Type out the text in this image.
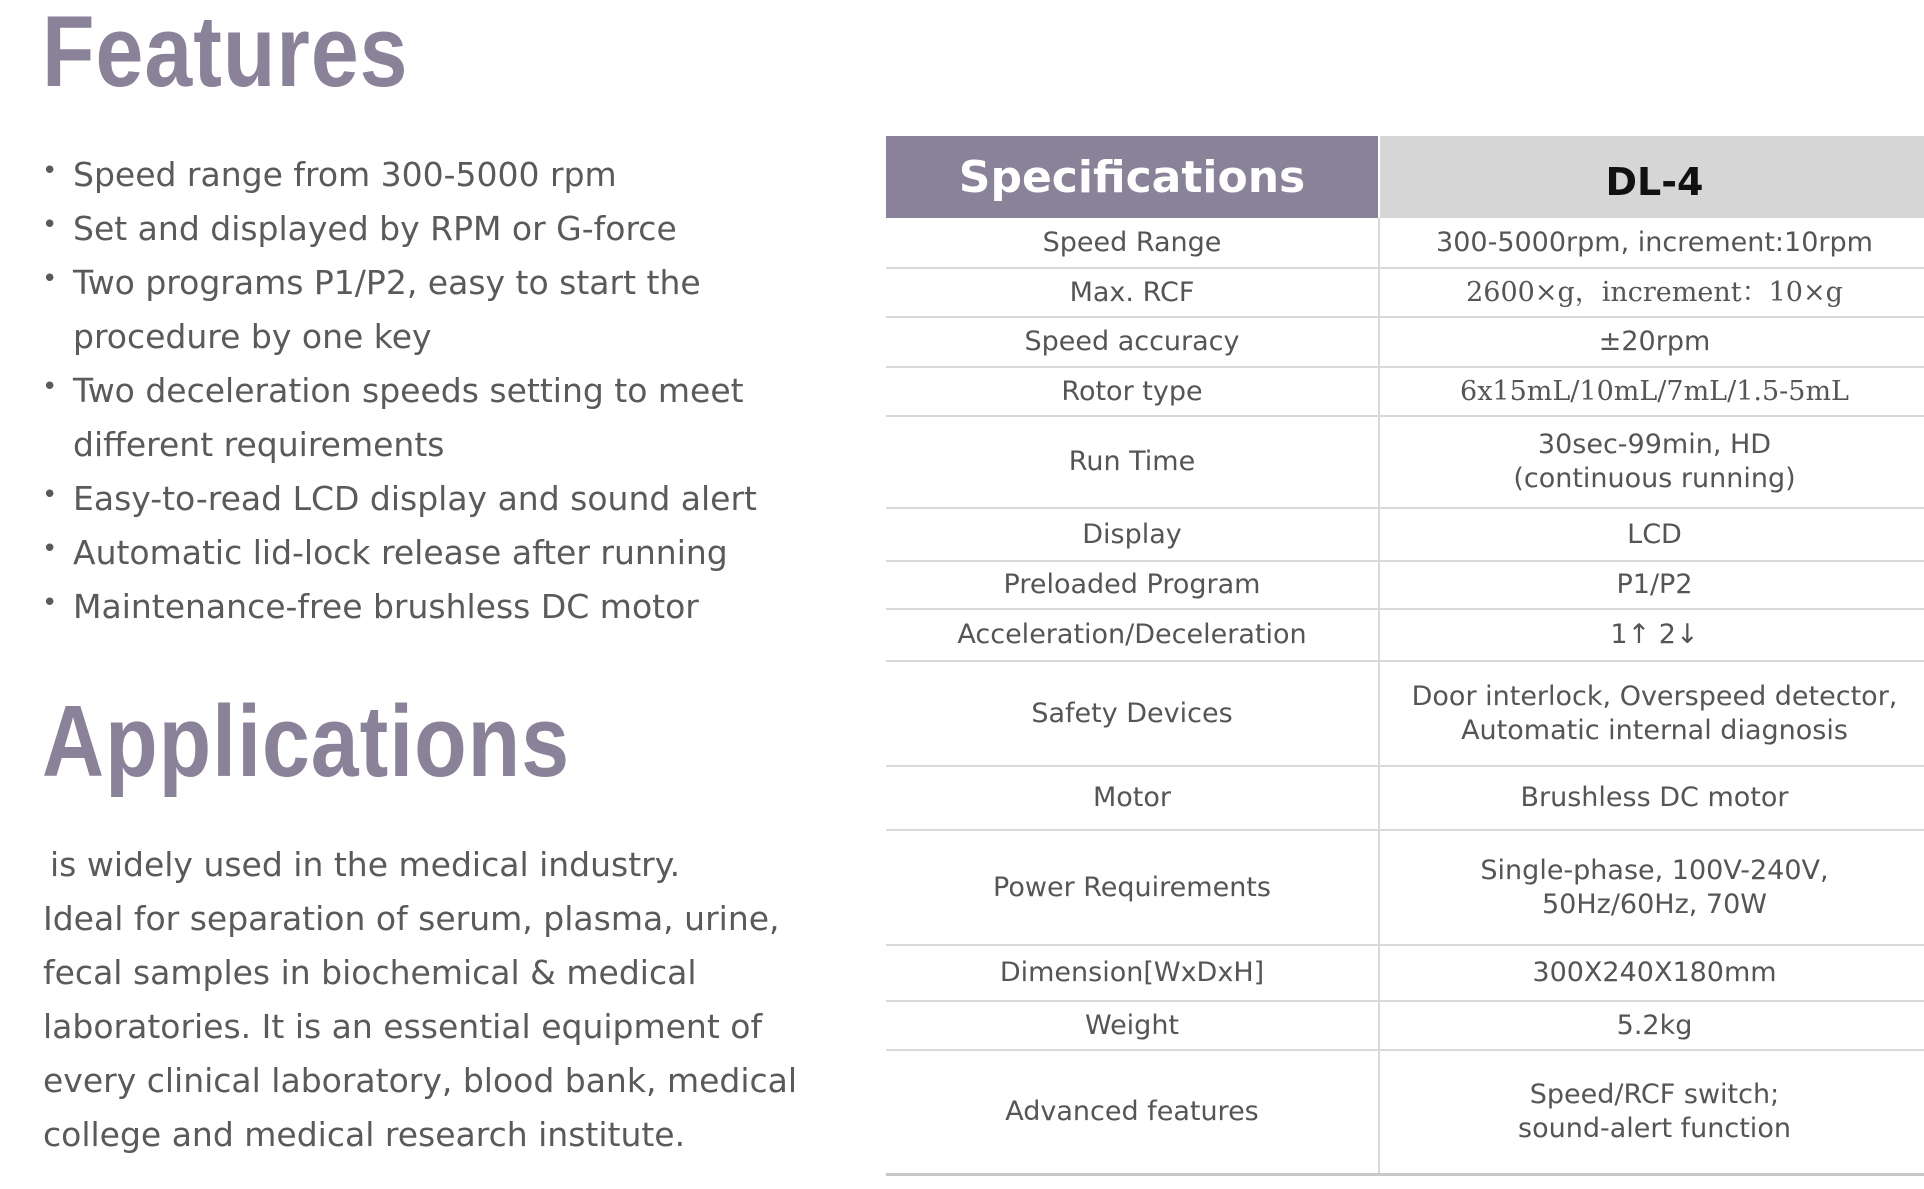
Features
• Speed range from 300-5000 rpm
• Set and displayed by RPM or G-force
• Two programs P1/P2, easy to start the procedure by one key
• Two deceleration speeds setting to meet different requirements
• Easy-to-read LCD display and sound alert
• Automatic lid-lock release after running
• Maintenance-free brushless DC motor
Applications

is widely used in the medical industry.
Ideal for separation of serum, plasma, urine,
fecal samples in biochemical & medical
laboratories. It is an essential equipment of
every clinical laboratory, blood bank, medical
college and medical research institute.

Specifications	DL-4
Speed Range	300-5000rpm, increment:10rpm

Max. RCF	2600×g，increment：10×g

Speed accuracy	±20rpm

Rotor type	6x15mL/10mL/7mL/1.5-5mL

Run Time	30sec-99min, HD
(continuous running)

Display	LCD

Preloaded Program	P1/P2

Acceleration/Deceleration	1↑ 2↓

Safety Devices	Door interlock, Overspeed detector,
Automatic internal diagnosis

Motor	Brushless DC motor

Power Requirements	Single-phase, 100V-240V,
50Hz/60Hz, 70W

Dimension[WxDxH]	300X240X180mm

Weight	5.2kg

Advanced features	Speed/RCF switch;
sound-alert function
